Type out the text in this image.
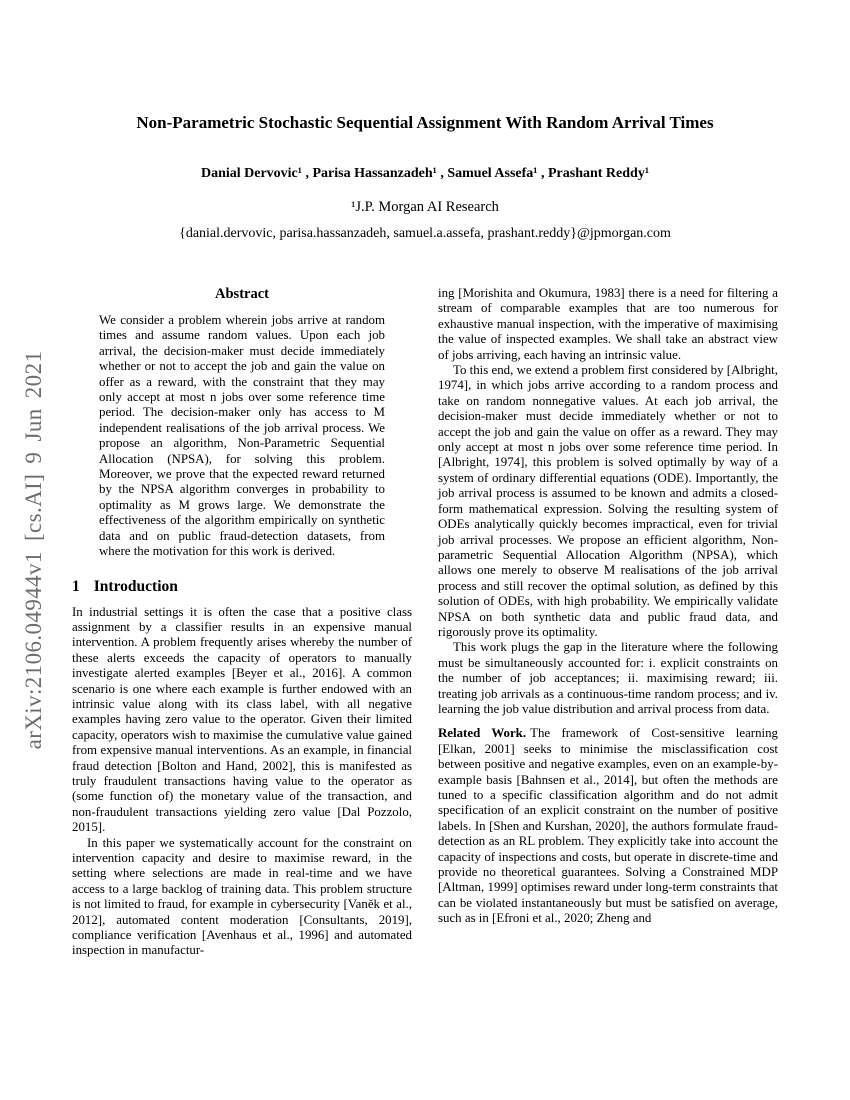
arXiv:2106.04944v1 [cs.AI] 9 Jun 2021
Non-Parametric Stochastic Sequential Assignment With Random Arrival Times
Danial Dervovic¹ , Parisa Hassanzadeh¹ , Samuel Assefa¹ , Prashant Reddy¹
¹J.P. Morgan AI Research
{danial.dervovic, parisa.hassanzadeh, samuel.a.assefa, prashant.reddy}@jpmorgan.com
Abstract
We consider a problem wherein jobs arrive at random times and assume random values. Upon each job arrival, the decision-maker must decide immediately whether or not to accept the job and gain the value on offer as a reward, with the constraint that they may only accept at most n jobs over some reference time period. The decision-maker only has access to M independent realisations of the job arrival process. We propose an algorithm, Non-Parametric Sequential Allocation (NPSA), for solving this problem. Moreover, we prove that the expected reward returned by the NPSA algorithm converges in probability to optimality as M grows large. We demonstrate the effectiveness of the algorithm empirically on synthetic data and on public fraud-detection datasets, from where the motivation for this work is derived.
1 Introduction

In industrial settings it is often the case that a positive class assignment by a classifier results in an expensive manual intervention. A problem frequently arises whereby the number of these alerts exceeds the capacity of operators to manually investigate alerted examples [Beyer et al., 2016]. A common scenario is one where each example is further endowed with an intrinsic value along with its class label, with all negative examples having zero value to the operator. Given their limited capacity, operators wish to maximise the cumulative value gained from expensive manual interventions. As an example, in financial fraud detection [Bolton and Hand, 2002], this is manifested as truly fraudulent transactions having value to the operator as (some function of) the monetary value of the transaction, and non-fraudulent transactions yielding zero value [Dal Pozzolo, 2015].

In this paper we systematically account for the constraint on intervention capacity and desire to maximise reward, in the setting where selections are made in real-time and we have access to a large backlog of training data. This problem structure is not limited to fraud, for example in cybersecurity [Vaněk et al., 2012], automated content moderation [Consultants, 2019], compliance verification [Avenhaus et al., 1996] and automated inspection in manufactur-

ing [Morishita and Okumura, 1983] there is a need for filtering a stream of comparable examples that are too numerous for exhaustive manual inspection, with the imperative of maximising the value of inspected examples. We shall take an abstract view of jobs arriving, each having an intrinsic value.

To this end, we extend a problem first considered by [Albright, 1974], in which jobs arrive according to a random process and take on random nonnegative values. At each job arrival, the decision-maker must decide immediately whether or not to accept the job and gain the value on offer as a reward. They may only accept at most n jobs over some reference time period. In [Albright, 1974], this problem is solved optimally by way of a system of ordinary differential equations (ODE). Importantly, the job arrival process is assumed to be known and admits a closed-form mathematical expression. Solving the resulting system of ODEs analytically quickly becomes impractical, even for trivial job arrival processes. We propose an efficient algorithm, Non-parametric Sequential Allocation Algorithm (NPSA), which allows one merely to observe M realisations of the job arrival process and still recover the optimal solution, as defined by this solution of ODEs, with high probability. We empirically validate NPSA on both synthetic data and public fraud data, and rigorously prove its optimality.

This work plugs the gap in the literature where the following must be simultaneously accounted for: i. explicit constraints on the number of job acceptances; ii. maximising reward; iii. treating job arrivals as a continuous-time random process; and iv. learning the job value distribution and arrival process from data.

Related Work. The framework of Cost-sensitive learning [Elkan, 2001] seeks to minimise the misclassification cost between positive and negative examples, even on an example-by-example basis [Bahnsen et al., 2014], but often the methods are tuned to a specific classification algorithm and do not admit specification of an explicit constraint on the number of positive labels. In [Shen and Kurshan, 2020], the authors formulate fraud-detection as an RL problem. They explicitly take into account the capacity of inspections and costs, but operate in discrete-time and provide no theoretical guarantees. Solving a Constrained MDP [Altman, 1999] optimises reward under long-term constraints that can be violated instantaneously but must be satisfied on average, such as in [Efroni et al., 2020; Zheng and
